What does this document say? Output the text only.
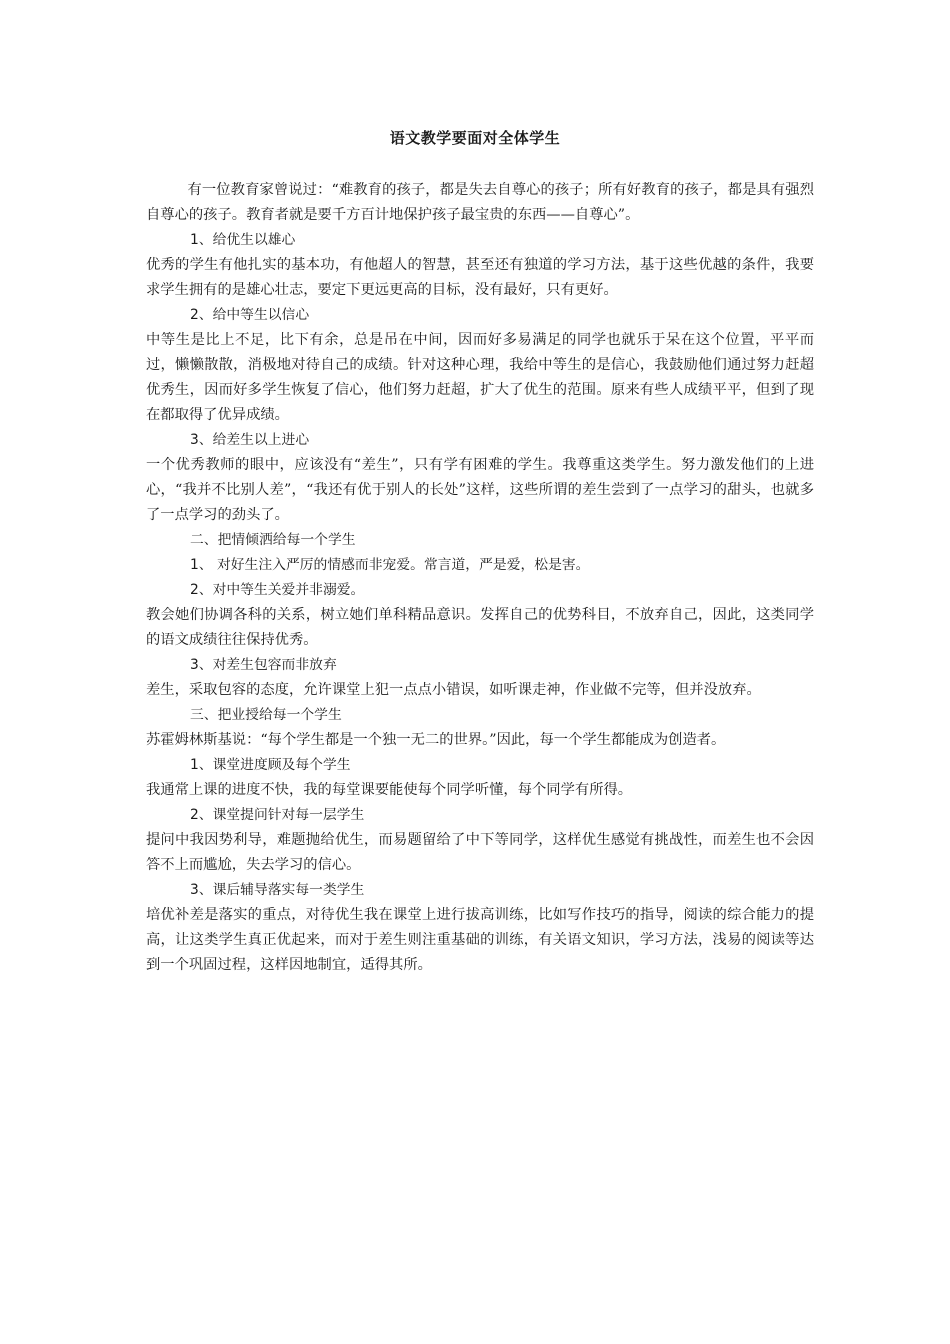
语文教学要面对全体学生

有一位教育家曾说过：“难教育的孩子，都是失去自尊心的孩子；所有好教育的孩子，都是具有强烈自尊心的孩子。教育者就是要千方百计地保护孩子最宝贵的东西——自尊心”。

1、给优生以雄心

优秀的学生有他扎实的基本功，有他超人的智慧，甚至还有独道的学习方法，基于这些优越的条件，我要求学生拥有的是雄心壮志，要定下更远更高的目标，没有最好，只有更好。

2、给中等生以信心

中等生是比上不足，比下有余，总是吊在中间，因而好多易满足的同学也就乐于呆在这个位置，平平而过，懒懒散散，消极地对待自己的成绩。针对这种心理，我给中等生的是信心，我鼓励他们通过努力赶超优秀生，因而好多学生恢复了信心，他们努力赶超，扩大了优生的范围。原来有些人成绩平平，但到了现在都取得了优异成绩。

3、给差生以上进心

一个优秀教师的眼中，应该没有“差生”，只有学有困难的学生。我尊重这类学生。努力激发他们的上进心，“我并不比别人差”，“我还有优于别人的长处”这样，这些所谓的差生尝到了一点学习的甜头，也就多了一点学习的劲头了。

二、把情倾洒给每一个学生

1、 对好生注入严厉的情感而非宠爱。常言道，严是爱，松是害。

2、对中等生关爱并非溺爱。

教会她们协调各科的关系，树立她们单科精品意识。发挥自己的优势科目，不放弃自己，因此，这类同学的语文成绩往往保持优秀。

3、对差生包容而非放弃

差生，采取包容的态度，允许课堂上犯一点点小错误，如听课走神，作业做不完等，但并没放弃。

三、把业授给每一个学生

苏霍姆林斯基说：“每个学生都是一个独一无二的世界。”因此，每一个学生都能成为创造者。

1、课堂进度顾及每个学生

我通常上课的进度不快，我的每堂课要能使每个同学听懂，每个同学有所得。

2、课堂提问针对每一层学生

提问中我因势利导，难题抛给优生，而易题留给了中下等同学，这样优生感觉有挑战性，而差生也不会因答不上而尴尬，失去学习的信心。

3、课后辅导落实每一类学生

培优补差是落实的重点，对待优生我在课堂上进行拔高训练，比如写作技巧的指导，阅读的综合能力的提高，让这类学生真正优起来，而对于差生则注重基础的训练，有关语文知识，学习方法，浅易的阅读等达到一个巩固过程，这样因地制宜，适得其所。
